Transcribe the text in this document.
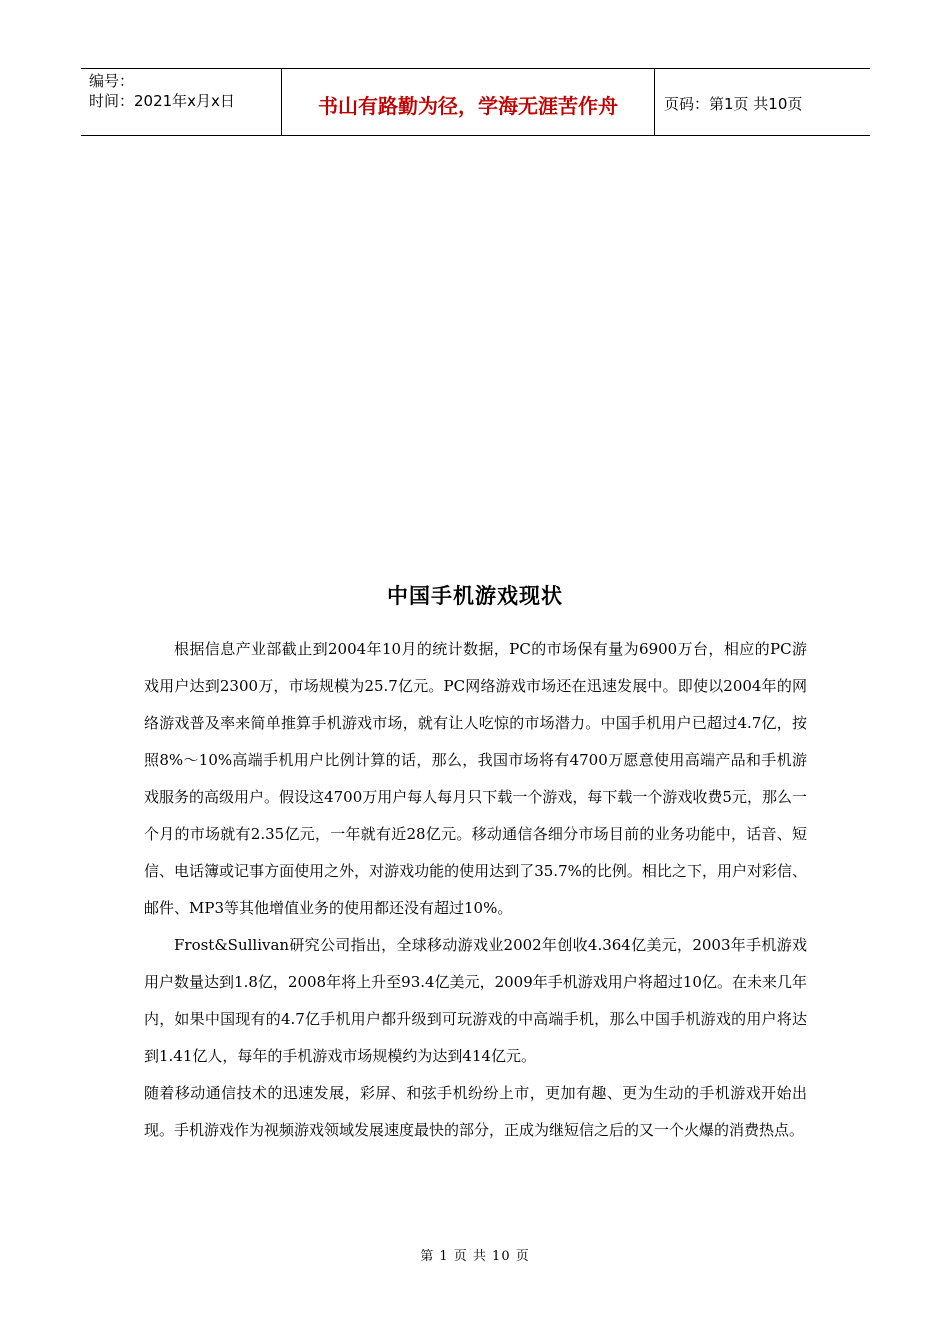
编号：
时间：2021年x月x日	书山有路勤为径，学海无涯苦作舟	页码：第1页 共10页
中国手机游戏现状

根据信息产业部截止到2004年10月的统计数据，PC的市场保有量为6900万台，相应的PC游戏用户达到2300万，市场规模为25.7亿元。PC网络游戏市场还在迅速发展中。即使以2004年的网络游戏普及率来简单推算手机游戏市场，就有让人吃惊的市场潜力。中国手机用户已超过4.7亿，按照8%～10%高端手机用户比例计算的话，那么，我国市场将有4700万愿意使用高端产品和手机游戏服务的高级用户。假设这4700万用户每人每月只下载一个游戏，每下载一个游戏收费5元，那么一个月的市场就有2.35亿元，一年就有近28亿元。移动通信各细分市场目前的业务功能中，话音、短信、电话簿或记事方面使用之外，对游戏功能的使用达到了35.7%的比例。相比之下，用户对彩信、邮件、MP3等其他增值业务的使用都还没有超过10%。

Frost&Sullivan研究公司指出，全球移动游戏业2002年创收4.364亿美元，2003年手机游戏用户数量达到1.8亿，2008年将上升至93.4亿美元，2009年手机游戏用户将超过10亿。在未来几年内，如果中国现有的4.7亿手机用户都升级到可玩游戏的中高端手机，那么中国手机游戏的用户将达到1.41亿人，每年的手机游戏市场规模约为达到414亿元。

随着移动通信技术的迅速发展，彩屏、和弦手机纷纷上市，更加有趣、更为生动的手机游戏开始出现。手机游戏作为视频游戏领域发展速度最快的部分，正成为继短信之后的又一个火爆的消费热点。

第 1 页 共 10 页
